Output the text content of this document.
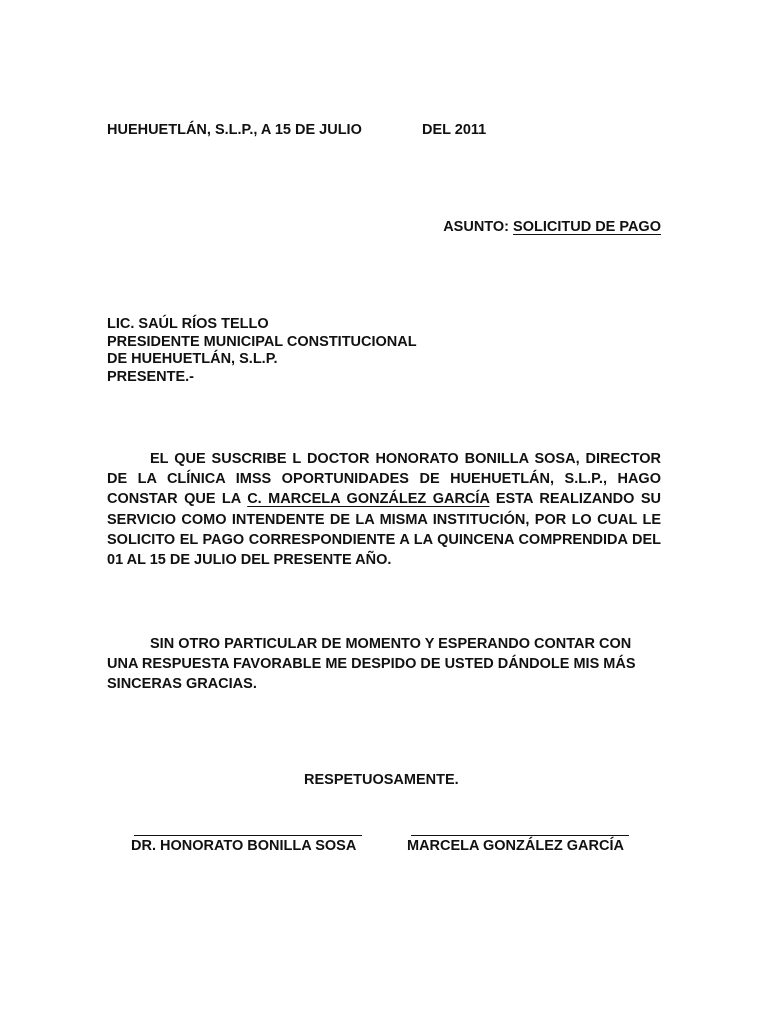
HUEHUETLÁN, S.L.P., A 15 DE JULIO	DEL 2011
ASUNTO: SOLICITUD DE PAGO
LIC. SAÚL RÍOS TELLO
PRESIDENTE MUNICIPAL CONSTITUCIONAL
DE HUEHUETLÁN, S.L.P.
PRESENTE.-

EL QUE SUSCRIBE L DOCTOR HONORATO BONILLA SOSA, DIRECTOR DE LA CLÍNICA IMSS OPORTUNIDADES DE HUEHUETLÁN, S.L.P., HAGO CONSTAR QUE LA C. MARCELA GONZÁLEZ GARCÍA ESTA REALIZANDO SU SERVICIO COMO INTENDENTE DE LA MISMA INSTITUCIÓN, POR LO CUAL LE SOLICITO EL PAGO CORRESPONDIENTE A LA QUINCENA COMPRENDIDA DEL 01 AL 15 DE JULIO DEL PRESENTE AÑO.

SIN OTRO PARTICULAR DE MOMENTO Y ESPERANDO CONTAR CON UNA RESPUESTA FAVORABLE ME DESPIDO DE USTED DÁNDOLE MIS MÁS SINCERAS GRACIAS.

RESPETUOSAMENTE.
DR. HONORATO BONILLA SOSA	MARCELA GONZÁLEZ GARCÍA
